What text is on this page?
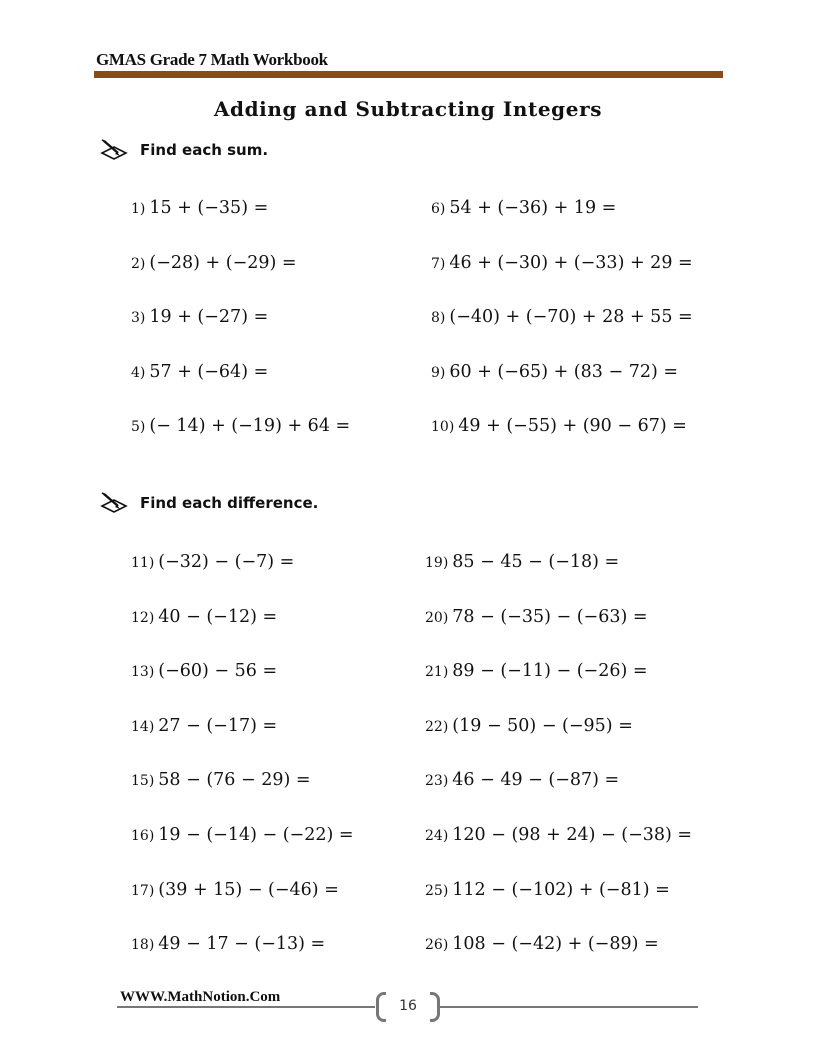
GMAS Grade 7 Math Workbook
Adding and Subtracting Integers
Find each sum.
1) 15 + (−35) =
2) (−28) + (−29) =
3) 19 + (−27) =
4) 57 + (−64) =
5) (− 14) + (−19) + 64 =
6) 54 + (−36) + 19 =
7) 46 + (−30) + (−33) + 29 =
8) (−40) + (−70) + 28 + 55 =
9) 60 + (−65) + (83 − 72) =
10) 49 + (−55) + (90 − 67) =
Find each difference.
11) (−32) − (−7) =
12) 40 − (−12) =
13) (−60) − 56 =
14) 27 − (−17) =
15) 58 − (76 − 29) =
16) 19 − (−14) − (−22) =
17) (39 + 15) − (−46) =
18) 49 − 17 − (−13) =
19) 85 − 45 − (−18) =
20) 78 − (−35) − (−63) =
21) 89 − (−11) − (−26) =
22) (19 − 50) − (−95) =
23) 46 − 49 − (−87) =
24) 120 − (98 + 24) − (−38) =
25) 112 − (−102) + (−81) =
26) 108 − (−42) + (−89) =
WWW.MathNotion.Com
16
